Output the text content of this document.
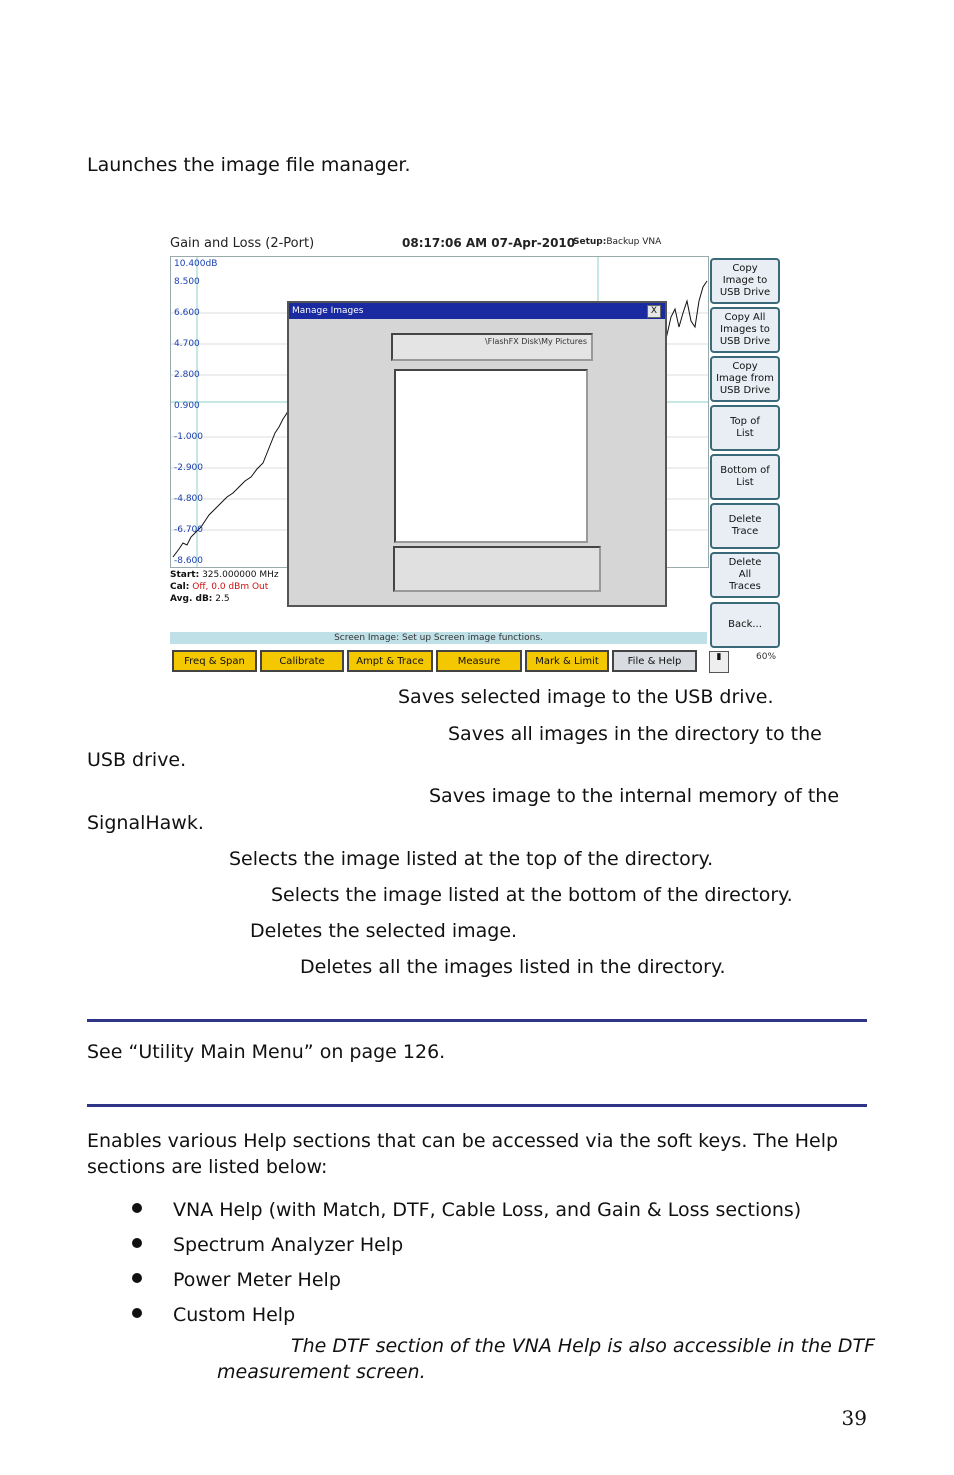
Launches the image file manager.
Gain and Loss (2-Port)	08:17:06 AM 07-Apr-2010
Setup:Backup VNA
10.400dB
8.500
6.600
4.700
2.800
0.900
-1.000
-2.900
-4.800
-6.700
-8.600
Start: 325.000000 MHz
Cal: Off, 0.0 dBm Out
Avg. dB: 2.5
Copy
Image to
USB Drive
Copy All
Images to
USB Drive
Copy
Image from
USB Drive
Top of
List
Bottom of
List
Delete
Trace
Delete
All
Traces
Back...
Screen Image: Set up Screen image functions.
Freq & Span	Calibrate	Ampt & Trace	Measure	Mark & Limit	File & Help	▮	60%
Manage Images	X
\FlashFX Disk\My Pictures
Saves selected image to the USB drive.
Saves all images in the directory to the
USB drive.
Saves image to the internal memory of the
SignalHawk.
Selects the image listed at the top of the directory.
Selects the image listed at the bottom of the directory.
Deletes the selected image.
Deletes all the images listed in the directory.
See “Utility Main Menu” on page 126.
Enables various Help sections that can be accessed via the soft keys. The Help
sections are listed below:
VNA Help (with Match, DTF, Cable Loss, and Gain & Loss sections)
Spectrum Analyzer Help
Power Meter Help
Custom Help
The DTF section of the VNA Help is also accessible in the DTF
measurement screen.
39
